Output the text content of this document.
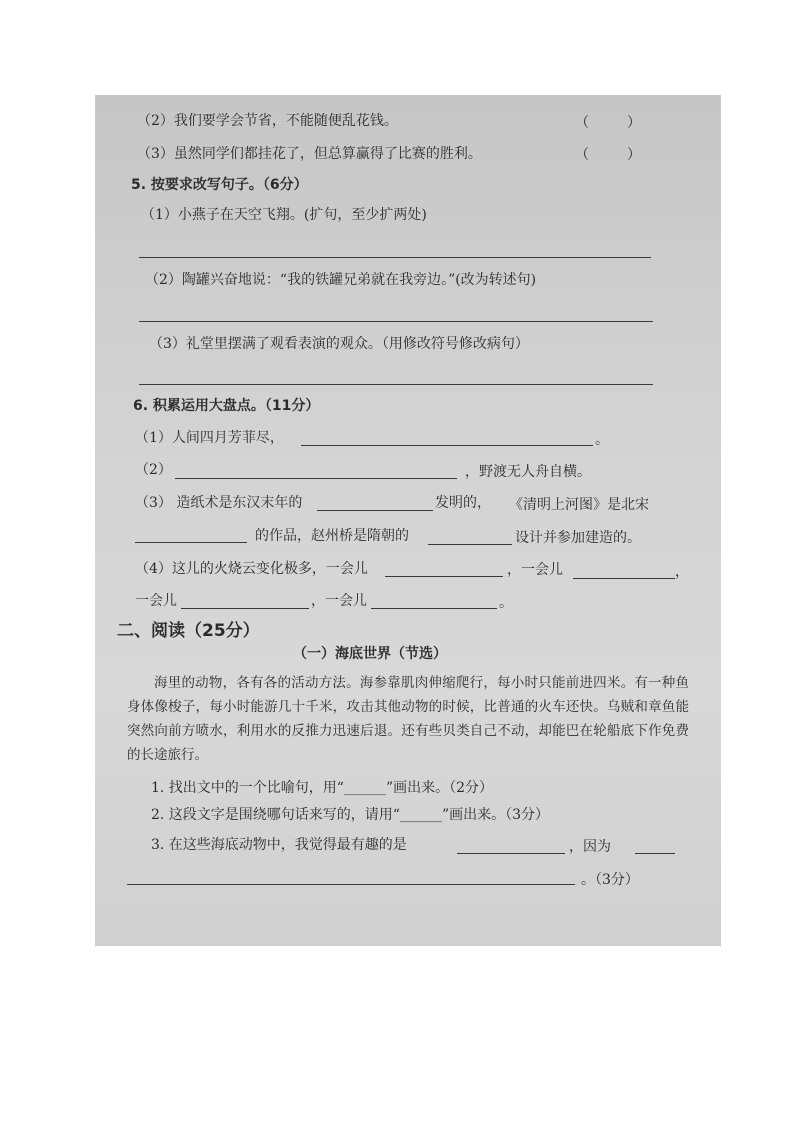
（2）我们要学会节省，不能随便乱花钱。	（	）
（3）虽然同学们都挂花了，但总算赢得了比赛的胜利。	（	）
5. 按要求改写句子。（6分）
（1）小燕子在天空飞翔。(扩句，至少扩两处)
（2）陶罐兴奋地说：“我的铁罐兄弟就在我旁边。”(改为转述句)
（3）礼堂里摆满了观看表演的观众。（用修改符号修改病句）
6. 积累运用大盘点。（11分）
（1）人间四月芳菲尽，	。
（2）	，野渡无人舟自横。
（3） 造纸术是东汉末年的	发明的， 《清明上河图》是北宋
的作品，赵州桥是隋朝的	设计并参加建造的。
（4）这儿的火烧云变化极多，一会儿	，一会儿	，
一会儿	，一会儿	。
二、阅读（25分）
（一）海底世界（节选）
海里的动物，各有各的活动方法。海参靠肌肉伸缩爬行，每小时只能前进四米。有一种鱼身体像梭子，每小时能游几十千米，攻击其他动物的时候，比普通的火车还快。乌贼和章鱼能突然向前方喷水，利用水的反推力迅速后退。还有些贝类自己不动，却能巴在轮船底下作免费的长途旅行。
1. 找出文中的一个比喻句，用“______”画出来。（2分）
2. 这段文字是围绕哪句话来写的，请用“______”画出来。（3分）
3. 在这些海底动物中，我觉得最有趣的是	，因为
。（3分）
